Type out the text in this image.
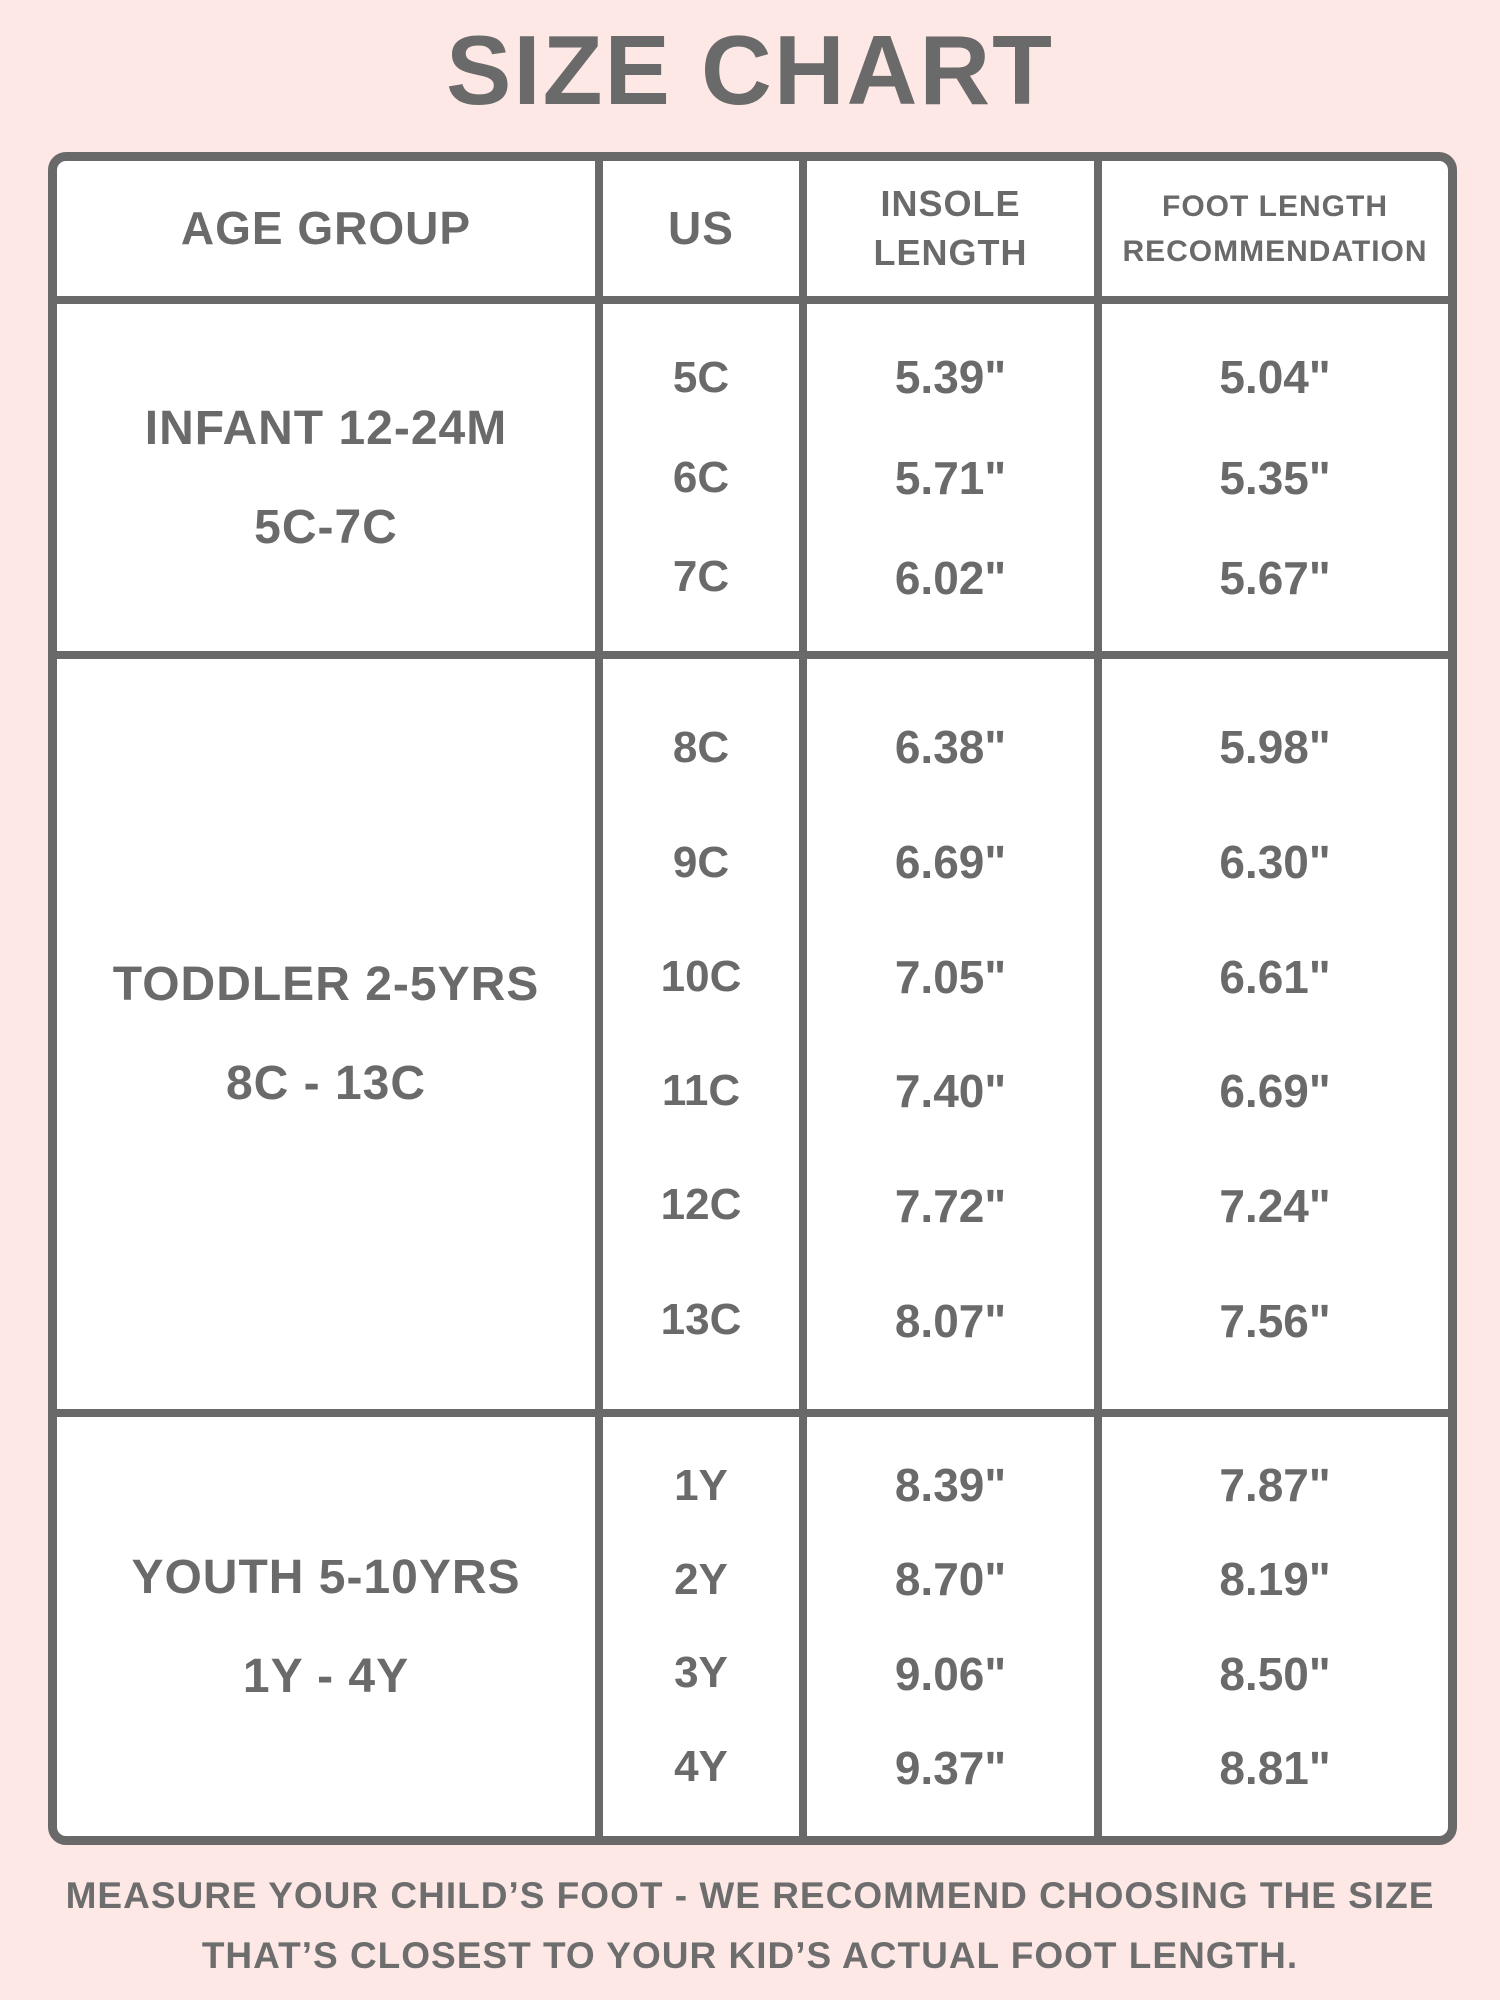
SIZE CHART
AGE GROUP	US	INSOLE LENGTH
FOOT LENGTH RECOMMENDATION
INFANT 12-24M
5C-7C
5C
6C
7C
5.39"
5.71"
6.02"
5.04"
5.35"
5.67"
TODDLER 2-5YRS
8C - 13C
8C
9C
10C
11C
12C
13C
6.38"
6.69"
7.05"
7.40"
7.72"
8.07"
5.98"
6.30"
6.61"
6.69"
7.24"
7.56"
YOUTH 5-10YRS
1Y - 4Y
1Y
2Y
3Y
4Y
8.39"
8.70"
9.06"
9.37"
7.87"
8.19"
8.50"
8.81"
MEASURE YOUR CHILD’S FOOT - WE RECOMMEND CHOOSING THE SIZE
THAT’S CLOSEST TO YOUR KID’S ACTUAL FOOT LENGTH.
